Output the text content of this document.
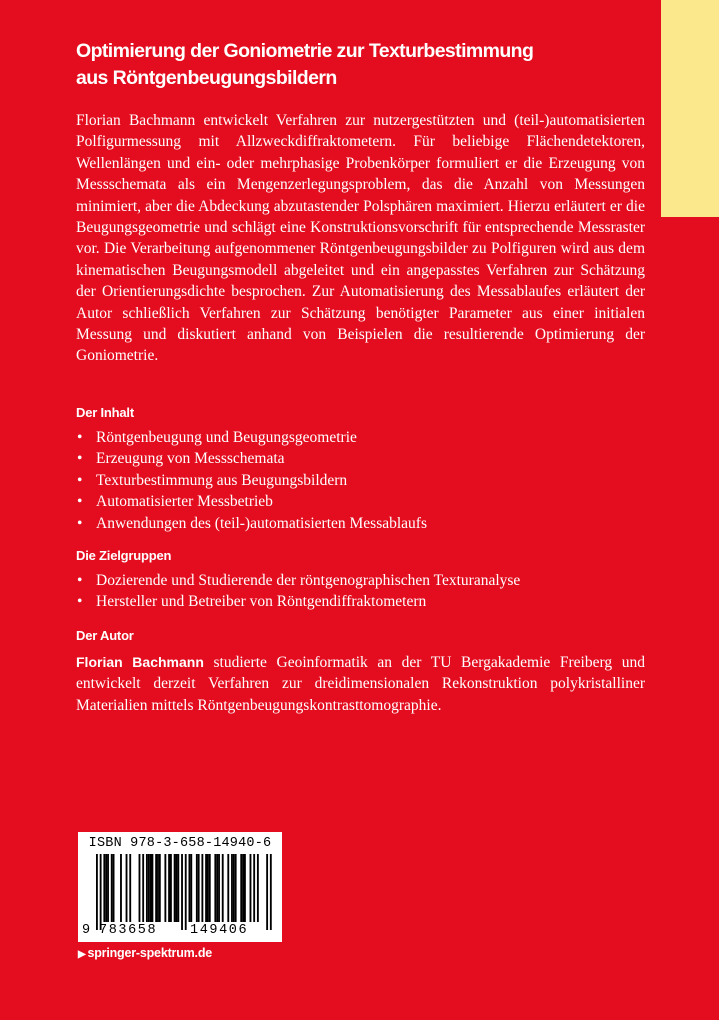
Optimierung der Goniometrie zur Texturbestimmung
aus Röntgenbeugungsbildern

Florian Bachmann entwickelt Verfahren zur nutzergestützten und (teil-)automatisierten Polfigurmessung mit Allzweckdiffraktometern. Für beliebige Flächendetektoren, Wellenlängen und ein- oder mehrphasige Probenkörper formuliert er die Erzeugung von Messschemata als ein Mengenzerlegungsproblem, das die Anzahl von Messungen minimiert, aber die Abdeckung abzutastender Polsphären maximiert. Hierzu erläutert er die Beugungsgeometrie und schlägt eine Konstruktionsvorschrift für entsprechende Messraster vor. Die Verarbeitung aufgenommener Röntgenbeugungsbilder zu Polfiguren wird aus dem kinematischen Beugungsmodell abgeleitet und ein angepasstes Verfahren zur Schätzung der Orientierungsdichte besprochen. Zur Automatisierung des Messablaufes erläutert der Autor schließlich Verfahren zur Schätzung benötigter Parameter aus einer initialen Messung und diskutiert anhand von Beispielen die resultierende Optimierung der Goniometrie.

Der Inhalt
• Röntgenbeugung und Beugungsgeometrie
• Erzeugung von Messschemata
• Texturbestimmung aus Beugungsbildern
• Automatisierter Messbetrieb
• Anwendungen des (teil-)automatisierten Messablaufs
Die Zielgruppen
• Dozierende und Studierende der röntgenographischen Texturanalyse
• Hersteller und Betreiber von Röntgendiffraktometern
Der Autor

Florian Bachmann studierte Geoinformatik an der TU Bergakademie Freiberg und entwickelt derzeit Verfahren zur dreidimensionalen Rekonstruktion polykristalliner Materialien mittels Röntgenbeugungskontrasttomographie.

ISBN 978-3-658-14940-6
9 783658 149406
▶ springer-spektrum.de
